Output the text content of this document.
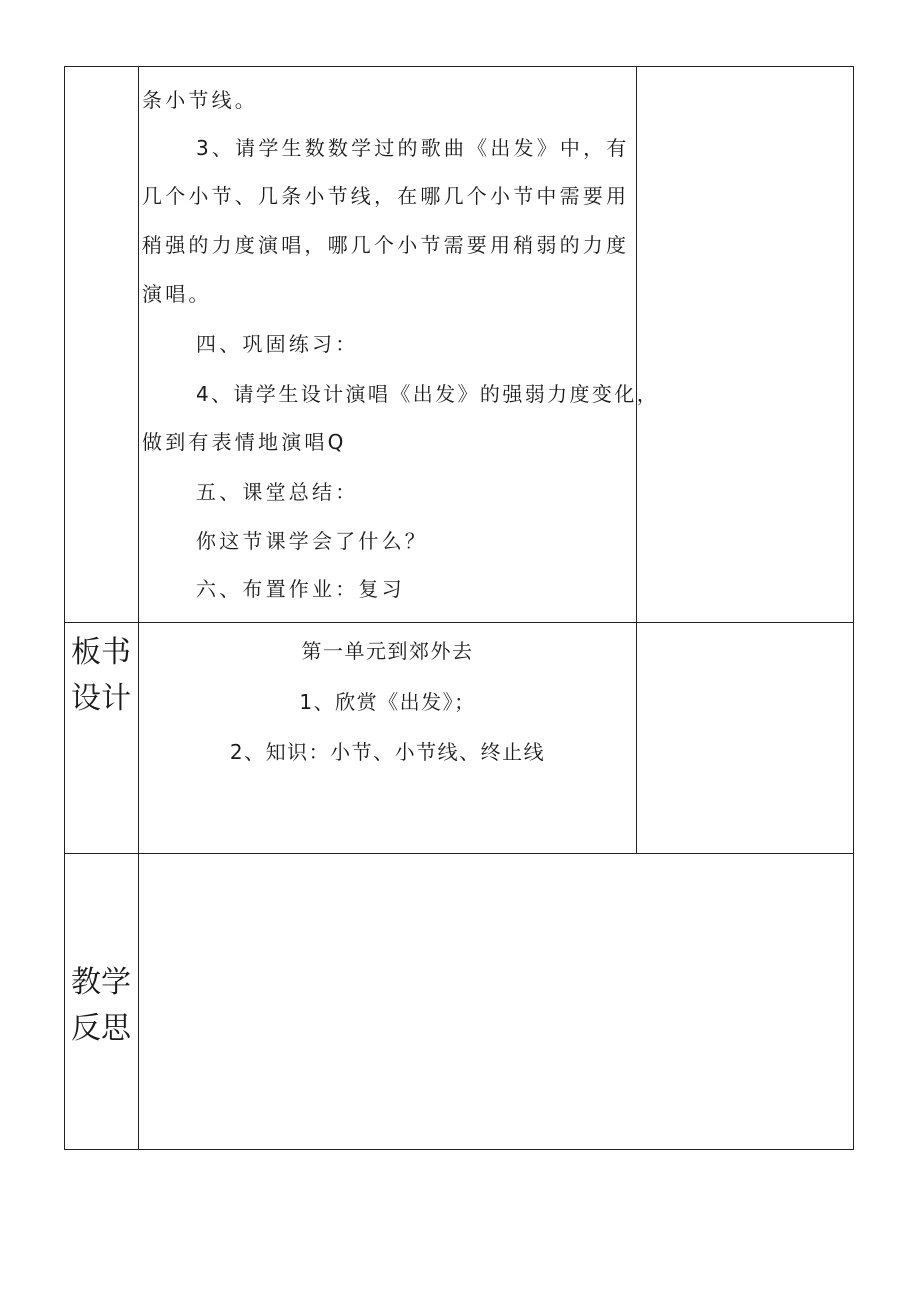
条小节线。
3、请学生数数学过的歌曲《出发》中，有
几个小节、几条小节线，在哪几个小节中需要用
稍强的力度演唱，哪几个小节需要用稍弱的力度
演唱。
四、巩固练习：
4、请学生设计演唱《出发》的强弱力度变化，
做到有表情地演唱Q
五、课堂总结：
你这节课学会了什么？
六、布置作业：复习
板书
设计
第一单元到郊外去
1、欣赏《出发》；
2、知识：小节、小节线、终止线
教学
反思
